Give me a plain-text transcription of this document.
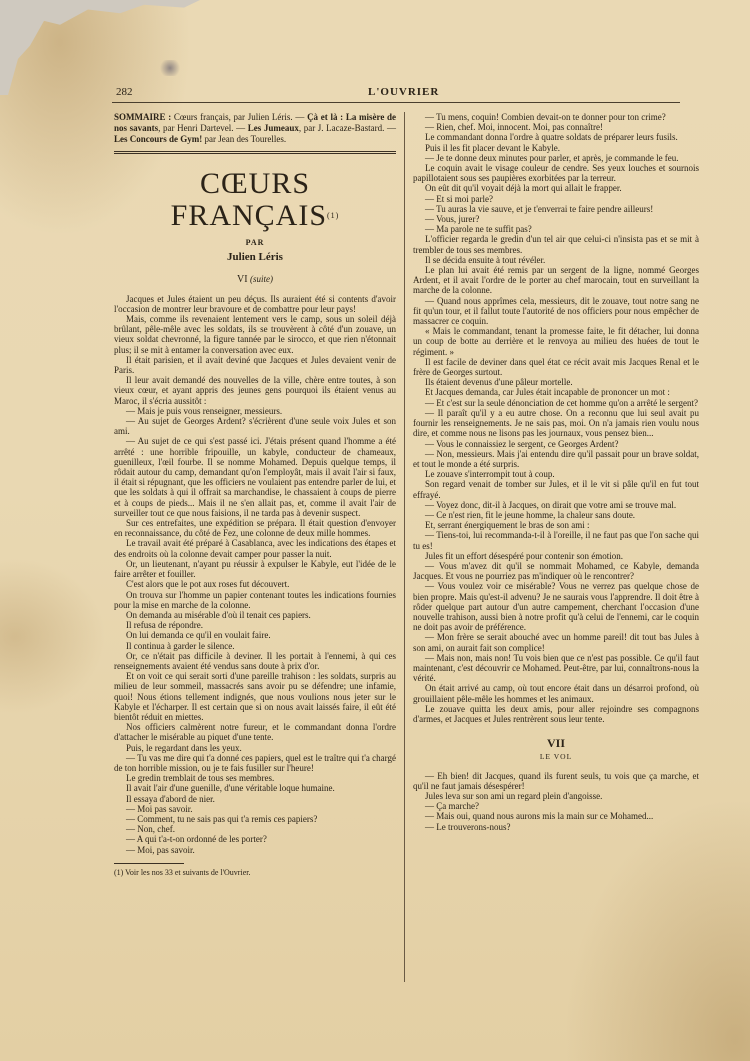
282	L'OUVRIER
SOMMAIRE : Cœurs français, par Julien Léris. — Çà et là : La misère de nos savants, par Henri Dartevel. — Les Jumeaux, par J. Lacaze-Bastard. — Les Concours de Gym! par Jean des Tourelles.
CŒURS FRANÇAIS$^{(1)}$
PAR
Julien Léris
VI (suite)

Jacques et Jules étaient un peu déçus. Ils auraient été si contents d'avoir l'occasion de montrer leur bravoure et de combattre pour leur pays!

Mais, comme ils revenaient lentement vers le camp, sous un soleil déjà brûlant, pêle-mêle avec les soldats, ils se trouvèrent à côté d'un zouave, un vieux soldat chevronné, la figure tannée par le sirocco, et que rien n'étonnait plus; il se mit à entamer la conversation avec eux.

Il était parisien, et il avait deviné que Jacques et Jules devaient venir de Paris.

Il leur avait demandé des nouvelles de la ville, chère entre toutes, à son vieux cœur, et ayant appris des jeunes gens pourquoi ils étaient venus au Maroc, il s'écria aussitôt :

— Mais je puis vous renseigner, messieurs.

— Au sujet de Georges Ardent? s'écrièrent d'une seule voix Jules et son ami.

— Au sujet de ce qui s'est passé ici. J'étais présent quand l'homme a été arrêté : une horrible fripouille, un kabyle, conducteur de chameaux, guenilleux, l'œil fourbe. Il se nomme Mohamed. Depuis quelque temps, il rôdait autour du camp, demandant qu'on l'employât, mais il avait l'air si faux, il était si répugnant, que les officiers ne voulaient pas entendre parler de lui, et que les soldats à qui il offrait sa marchandise, le chassaient à coups de pierre et à coups de pieds... Mais il ne s'en allait pas, et, comme il avait l'air de surveiller tout ce que nous faisions, il ne tarda pas à devenir suspect.

Sur ces entrefaites, une expédition se prépara. Il était question d'envoyer en reconnaissance, du côté de Fez, une colonne de deux mille hommes.

Le travail avait été préparé à Casablanca, avec les indications des étapes et des endroits où la colonne devait camper pour passer la nuit.

Or, un lieutenant, n'ayant pu réussir à expulser le Kabyle, eut l'idée de le faire arrêter et fouiller.

C'est alors que le pot aux roses fut découvert.

On trouva sur l'homme un papier contenant toutes les indications fournies pour la mise en marche de la colonne.

On demanda au misérable d'où il tenait ces papiers.

Il refusa de répondre.

On lui demanda ce qu'il en voulait faire.

Il continua à garder le silence.

Or, ce n'était pas difficile à deviner. Il les portait à l'ennemi, à qui ces renseignements avaient été vendus sans doute à prix d'or.

Et on voit ce qui serait sorti d'une pareille trahison : les soldats, surpris au milieu de leur sommeil, massacrés sans avoir pu se défendre; une infamie, quoi! Nous étions tellement indignés, que nous voulions nous jeter sur le Kabyle et l'écharper. Il est certain que si on nous avait laissés faire, il eût été bientôt réduit en miettes.

Nos officiers calmèrent notre fureur, et le commandant donna l'ordre d'attacher le misérable au piquet d'une tente.

Puis, le regardant dans les yeux.

— Tu vas me dire qui t'a donné ces papiers, quel est le traître qui t'a chargé de ton horrible mission, ou je te fais fusiller sur l'heure!

Le gredin tremblait de tous ses membres.

Il avait l'air d'une guenille, d'une véritable loque humaine.

Il essaya d'abord de nier.

— Moi pas savoir.

— Comment, tu ne sais pas qui t'a remis ces papiers?

— Non, chef.

— A qui t'a-t-on ordonné de les porter?

— Moi, pas savoir.

(1) Voir les nos 33 et suivants de l'Ouvrier.

— Tu mens, coquin! Combien devait-on te donner pour ton crime?

— Rien, chef. Moi, innocent. Moi, pas connaître!

Le commandant donna l'ordre à quatre soldats de préparer leurs fusils.

Puis il les fit placer devant le Kabyle.

— Je te donne deux minutes pour parler, et après, je commande le feu.

Le coquin avait le visage couleur de cendre. Ses yeux louches et sournois papillotaient sous ses paupières exorbitées par la terreur.

On eût dit qu'il voyait déjà la mort qui allait le frapper.

— Et si moi parle?

— Tu auras la vie sauve, et je t'enverrai te faire pendre ailleurs!

— Vous, jurer?

— Ma parole ne te suffit pas?

L'officier regarda le gredin d'un tel air que celui-ci n'insista pas et se mit à trembler de tous ses membres.

Il se décida ensuite à tout révéler.

Le plan lui avait été remis par un sergent de la ligne, nommé Georges Ardent, et il avait l'ordre de le porter au chef marocain, tout en surveillant la marche de la colonne.

— Quand nous apprîmes cela, messieurs, dit le zouave, tout notre sang ne fit qu'un tour, et il fallut toute l'autorité de nos officiers pour nous empêcher de massacrer ce coquin.

« Mais le commandant, tenant la promesse faite, le fit détacher, lui donna un coup de botte au derrière et le renvoya au milieu des huées de tout le régiment. »

Il est facile de deviner dans quel état ce récit avait mis Jacques Renal et le frère de Georges surtout.

Ils étaient devenus d'une pâleur mortelle.

Et Jacques demanda, car Jules était incapable de prononcer un mot :

— Et c'est sur la seule dénonciation de cet homme qu'on a arrêté le sergent?

— Il paraît qu'il y a eu autre chose. On a reconnu que lui seul avait pu fournir les renseignements. Je ne sais pas, moi. On n'a jamais rien voulu nous dire, et comme nous ne lisons pas les journaux, vous pensez bien...

— Vous le connaissiez le sergent, ce Georges Ardent?

— Non, messieurs. Mais j'ai entendu dire qu'il passait pour un brave soldat, et tout le monde a été surpris.

Le zouave s'interrompit tout à coup.

Son regard venait de tomber sur Jules, et il le vit si pâle qu'il en fut tout effrayé.

— Voyez donc, dit-il à Jacques, on dirait que votre ami se trouve mal.

— Ce n'est rien, fit le jeune homme, la chaleur sans doute.

Et, serrant énergiquement le bras de son ami :

— Tiens-toi, lui recommanda-t-il à l'oreille, il ne faut pas que l'on sache qui tu es!

Jules fit un effort désespéré pour contenir son émotion.

— Vous m'avez dit qu'il se nommait Mohamed, ce Kabyle, demanda Jacques. Et vous ne pourriez pas m'indiquer où le rencontrer?

— Vous voulez voir ce misérable? Vous ne verrez pas quelque chose de bien propre. Mais qu'est-il advenu? Je ne saurais vous l'apprendre. Il doit être à rôder quelque part autour d'un autre campement, cherchant l'occasion d'une nouvelle trahison, aussi bien à notre profit qu'à celui de l'ennemi, car le coquin ne doit pas avoir de préférence.

— Mon frère se serait abouché avec un homme pareil! dit tout bas Jules à son ami, on aurait fait son complice!

— Mais non, mais non! Tu vois bien que ce n'est pas possible. Ce qu'il faut maintenant, c'est découvrir ce Mohamed. Peut-être, par lui, connaîtrons-nous la vérité.

On était arrivé au camp, où tout encore était dans un désarroi profond, où grouillaient pêle-mêle les hommes et les animaux.

Le zouave quitta les deux amis, pour aller rejoindre ses compagnons d'armes, et Jacques et Jules rentrèrent sous leur tente.

VII
LE VOL

— Eh bien! dit Jacques, quand ils furent seuls, tu vois que ça marche, et qu'il ne faut jamais désespérer!

Jules leva sur son ami un regard plein d'angoisse.

— Ça marche?

— Mais oui, quand nous aurons mis la main sur ce Mohamed...

— Le trouverons-nous?
